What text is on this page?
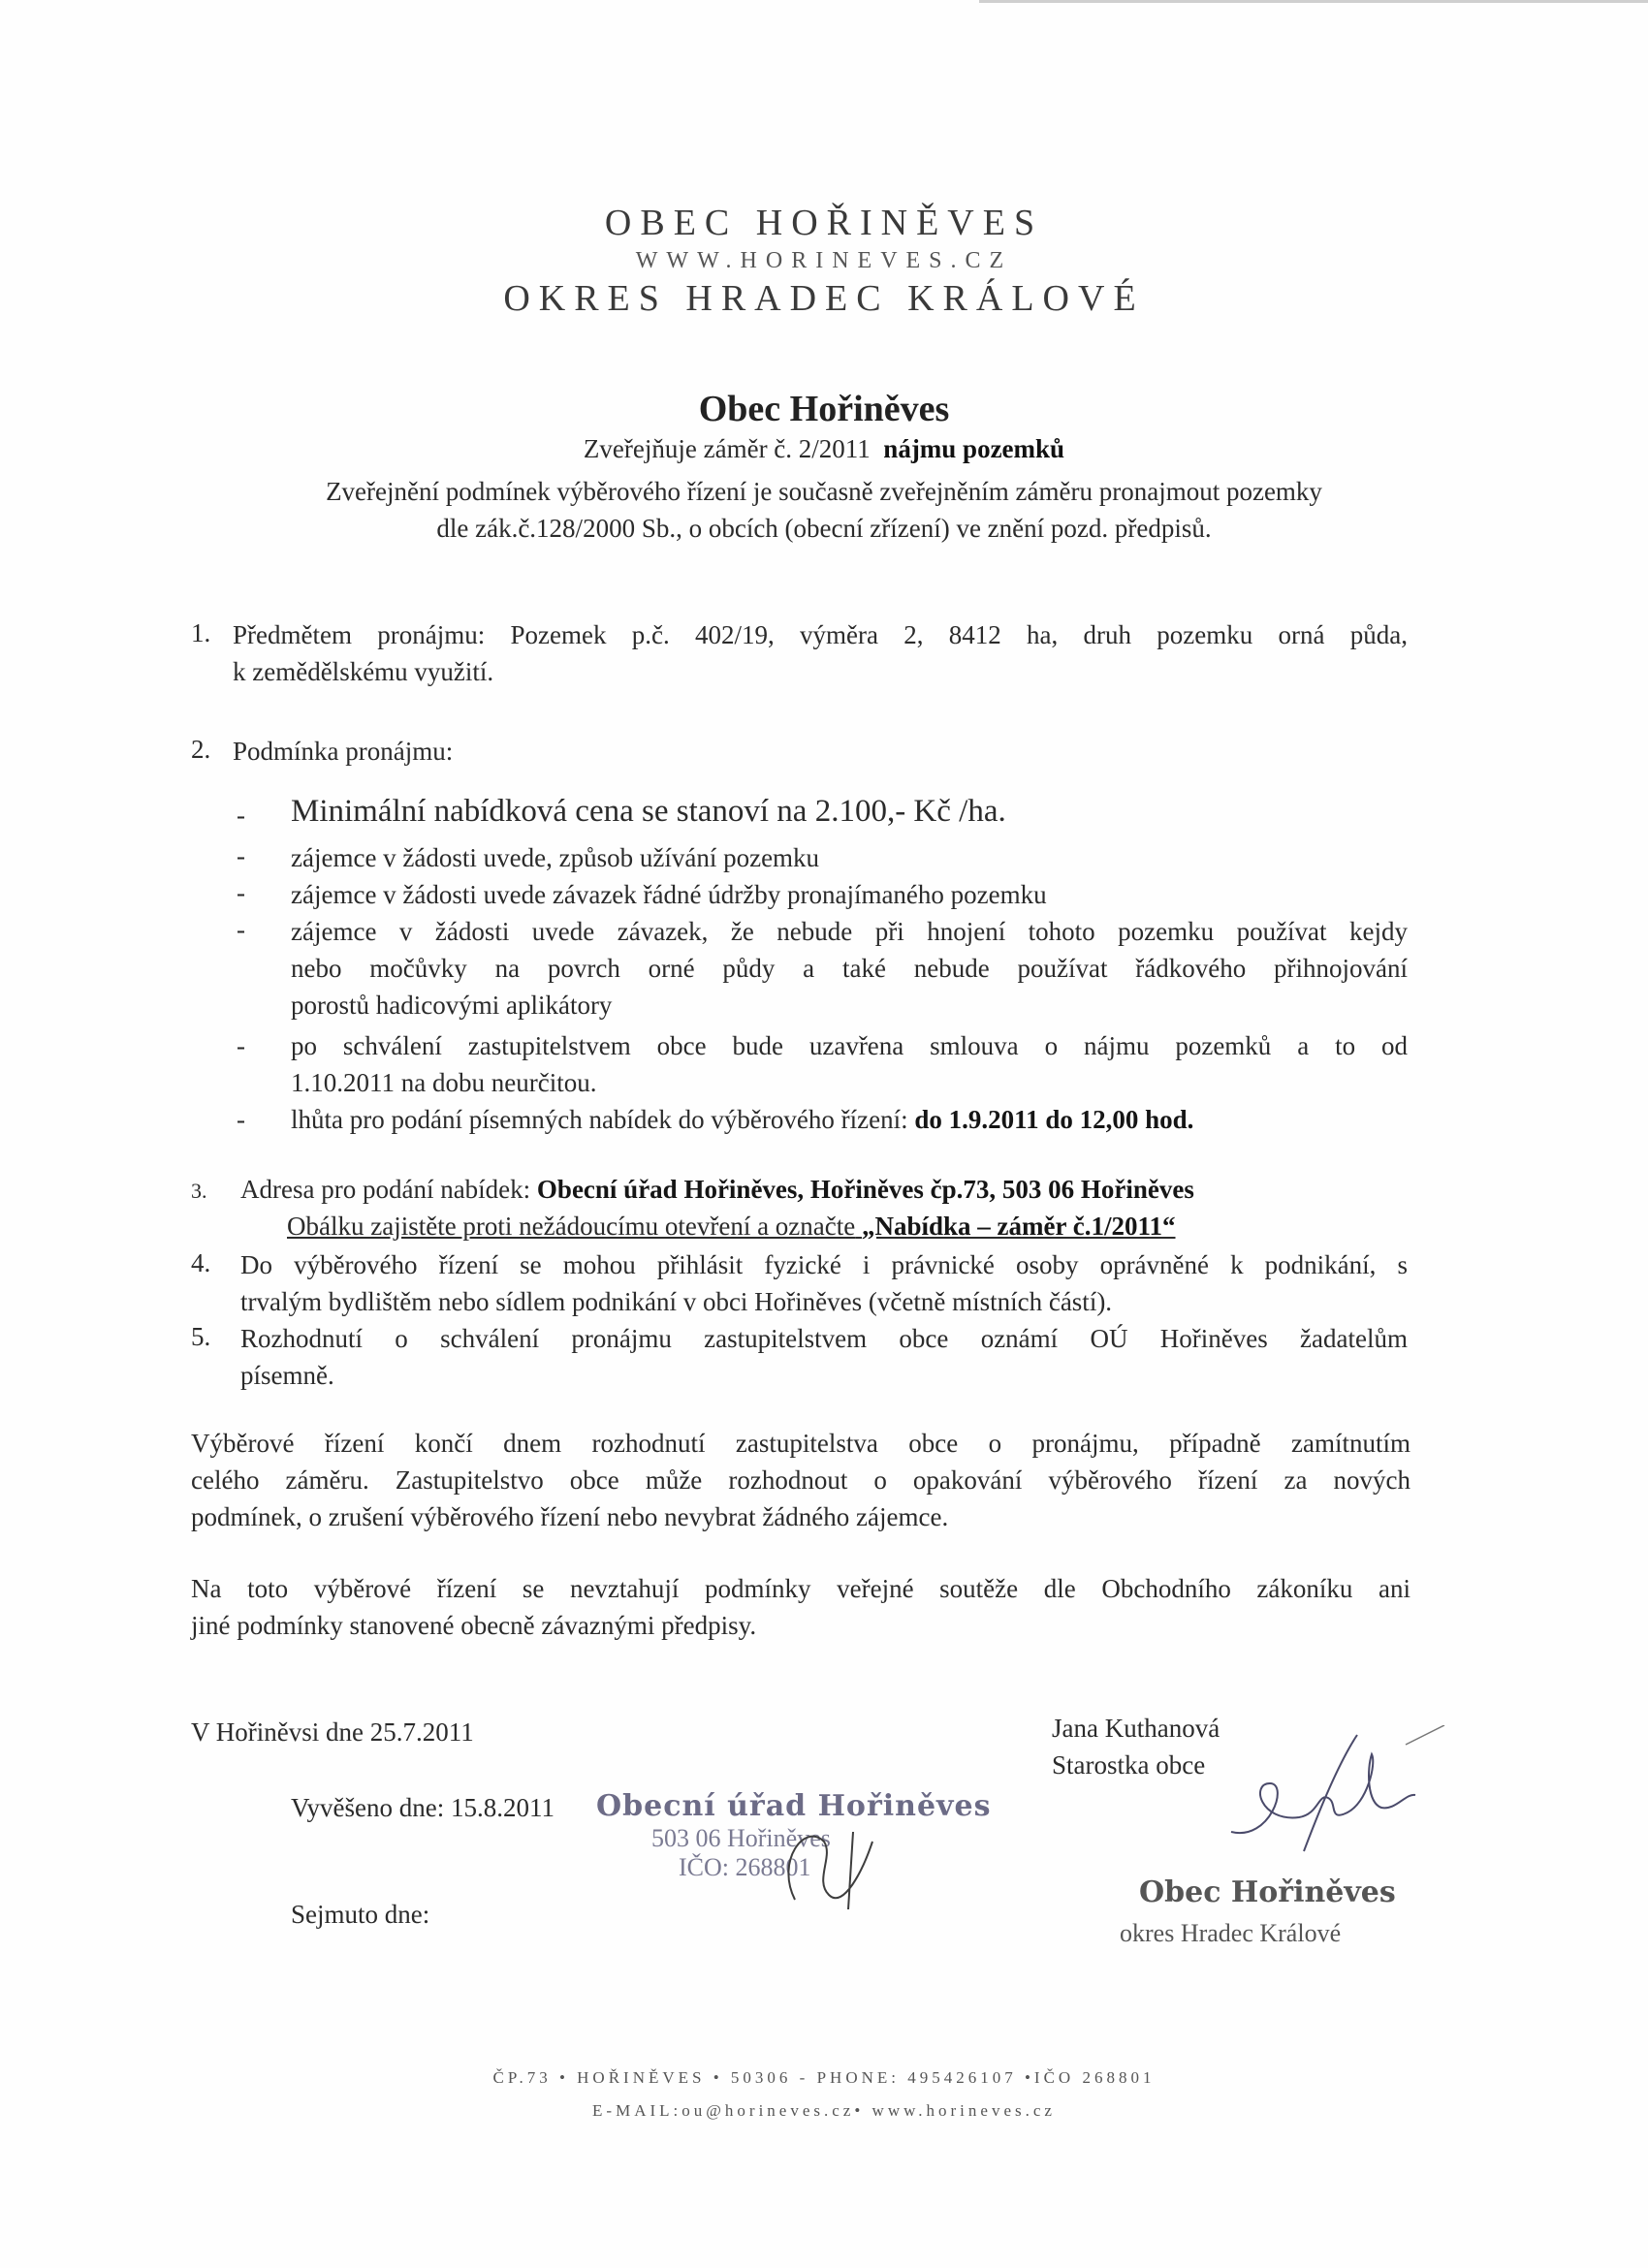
OBEC HOŘINĚVES
WWW.HORINEVES.CZ
OKRES HRADEC KRÁLOVÉ
Obec Hořiněves
Zveřejňuje záměr č. 2/2011 nájmu pozemků
Zveřejnění podmínek výběrového řízení je současně zveřejněním záměru pronajmout pozemky
dle zák.č.128/2000 Sb., o obcích (obecní zřízení) ve znění pozd. předpisů.
1. Předmětem pronájmu: Pozemek p.č. 402/19, výměra 2, 8412 ha, druh pozemku orná půda,
k zemědělskému využití.
2. Podmínka pronájmu:
- Minimální nabídková cena se stanoví na 2.100,- Kč /ha.
- zájemce v žádosti uvede, způsob užívání pozemku
- zájemce v žádosti uvede závazek řádné údržby pronajímaného pozemku
- zájemce v žádosti uvede závazek, že nebude při hnojení tohoto pozemku používat kejdy
nebo močůvky na povrch orné půdy a také nebude používat řádkového přihnojování
porostů hadicovými aplikátory
- po schválení zastupitelstvem obce bude uzavřena smlouva o nájmu pozemků a to od
1.10.2011 na dobu neurčitou.
- lhůta pro podání písemných nabídek do výběrového řízení: do 1.9.2011 do 12,00 hod.
3. Adresa pro podání nabídek: Obecní úřad Hořiněves, Hořiněves čp.73, 503 06 Hořiněves
Obálku zajistěte proti nežádoucímu otevření a označte „Nabídka – záměr č.1/2011“
4. Do výběrového řízení se mohou přihlásit fyzické i právnické osoby oprávněné k podnikání, s
trvalým bydlištěm nebo sídlem podnikání v obci Hořiněves (včetně místních částí).
5. Rozhodnutí o schválení pronájmu zastupitelstvem obce oznámí OÚ Hořiněves žadatelům
písemně.
Výběrové řízení končí dnem rozhodnutí zastupitelstva obce o pronájmu, případně zamítnutím
celého záměru. Zastupitelstvo obce může rozhodnout o opakování výběrového řízení za nových
podmínek, o zrušení výběrového řízení nebo nevybrat žádného zájemce.
Na toto výběrové řízení se nevztahují podmínky veřejné soutěže dle Obchodního zákoníku ani
jiné podmínky stanovené obecně závaznými předpisy.
V Hořiněvsi dne 25.7.2011	Jana Kuthanová
Starostka obce
Vyvěšeno dne: 15.8.2011
Sejmuto dne:
Obecní úřad Hořiněves
503 06 Hořiněves
IČO: 268801
Obec Hořiněves
okres Hradec Králové
ČP.73 • HOŘINĚVES • 50306 - PHONE: 495426107 •IČO 268801
E-MAIL:ou@horineves.cz• www.horineves.cz
